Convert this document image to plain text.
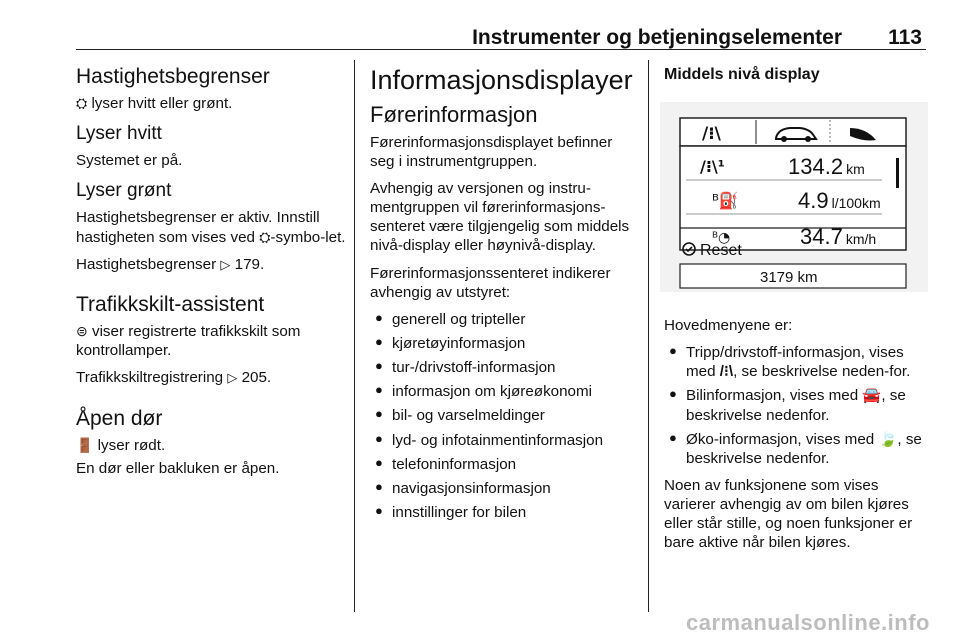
Instrumenter og betjeningselementer 113
Hastighetsbegrenser

⛭ lyser hvitt eller grønt.

Lyser hvitt

Systemet er på.

Lyser grønt

Hastighetsbegrenser er aktiv. Innstill hastigheten som vises ved ⛭-symbo-let.

Hastighetsbegrenser ▷ 179.

Trafikkskilt-assistent

⊜ viser registrerte trafikkskilt som kontrollamper.

Trafikkskiltregistrering ▷ 205.

Åpen dør

🚪 lyser rødt.

En dør eller bakluken er åpen.

Informasjonsdisplayer
Førerinformasjon

Førerinformasjonsdisplayet befinner seg i instrumentgruppen.

Avhengig av versjonen og instru-mentgruppen vil førerinformasjons-senteret være tilgjengelig som middels nivå-display eller høynivå-display.

Førerinformasjonssenteret indikerer avhengig av utstyret:

● generell og tripteller
● kjøretøyinformasjon
● tur-/drivstoff-informasjon
● informasjon om kjøreøkonomi
● bil- og varselmeldinger
● lyd- og infotainmentinformasjon
● telefoninformasjon
● navigasjonsinformasjon
● innstillinger for bilen
Middels nivå display
/⁝\
/⁝\¹	134.2 km
ᴮ⛽	4.9 l/100km
ᴮ◔	34.7 km/h
Reset
3179 km

Hovedmenyene er:

● Tripp/drivstoff-informasjon, vises med /⁝\, se beskrivelse neden-for.
● Bilinformasjon, vises med 🚘, se beskrivelse nedenfor.
● Øko-informasjon, vises med 🍃, se beskrivelse nedenfor.

Noen av funksjonene som vises varierer avhengig av om bilen kjøres eller står stille, og noen funksjoner er bare aktive når bilen kjøres.

carmanualsonline.info
